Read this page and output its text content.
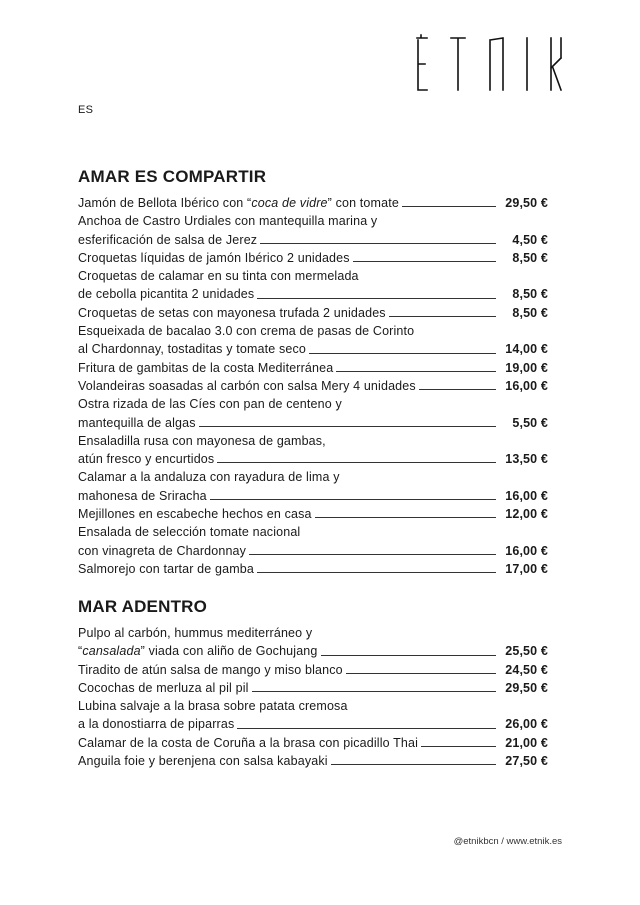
ES
AMAR ES COMPARTIR
Jamón de Bellota Ibérico con “coca de vidre” con tomate	29,50 €
Anchoa de Castro Urdiales con mantequilla marina y
esferificación de salsa de Jerez	4,50 €
Croquetas líquidas de jamón Ibérico 2 unidades	8,50 €
Croquetas de calamar en su tinta con mermelada
de cebolla picantita 2 unidades	8,50 €
Croquetas de setas con mayonesa trufada 2 unidades	8,50 €
Esqueixada de bacalao 3.0 con crema de pasas de Corinto
al Chardonnay, tostaditas y tomate seco	14,00 €
Fritura de gambitas de la costa Mediterránea	19,00 €
Volandeiras soasadas al carbón con salsa Mery 4 unidades	16,00 €
Ostra rizada de las Cíes con pan de centeno y
mantequilla de algas	5,50 €
Ensaladilla rusa con mayonesa de gambas,
atún fresco y encurtidos	13,50 €
Calamar a la andaluza con rayadura de lima y
mahonesa de Sriracha	16,00 €
Mejillones en escabeche hechos en casa	12,00 €
Ensalada de selección tomate nacional
con vinagreta de Chardonnay	16,00 €
Salmorejo con tartar de gamba	17,00 €
MAR ADENTRO
Pulpo al carbón, hummus mediterráneo y
“cansalada” viada con aliño de Gochujang	25,50 €
Tiradito de atún salsa de mango y miso blanco	24,50 €
Cocochas de merluza al pil pil	29,50 €
Lubina salvaje a la brasa sobre patata cremosa
a la donostiarra de piparras	26,00 €
Calamar de la costa de Coruña a la brasa con picadillo Thai	21,00 €
Anguila foie y berenjena con salsa kabayaki	27,50 €
@etnikbcn / www.etnik.es
